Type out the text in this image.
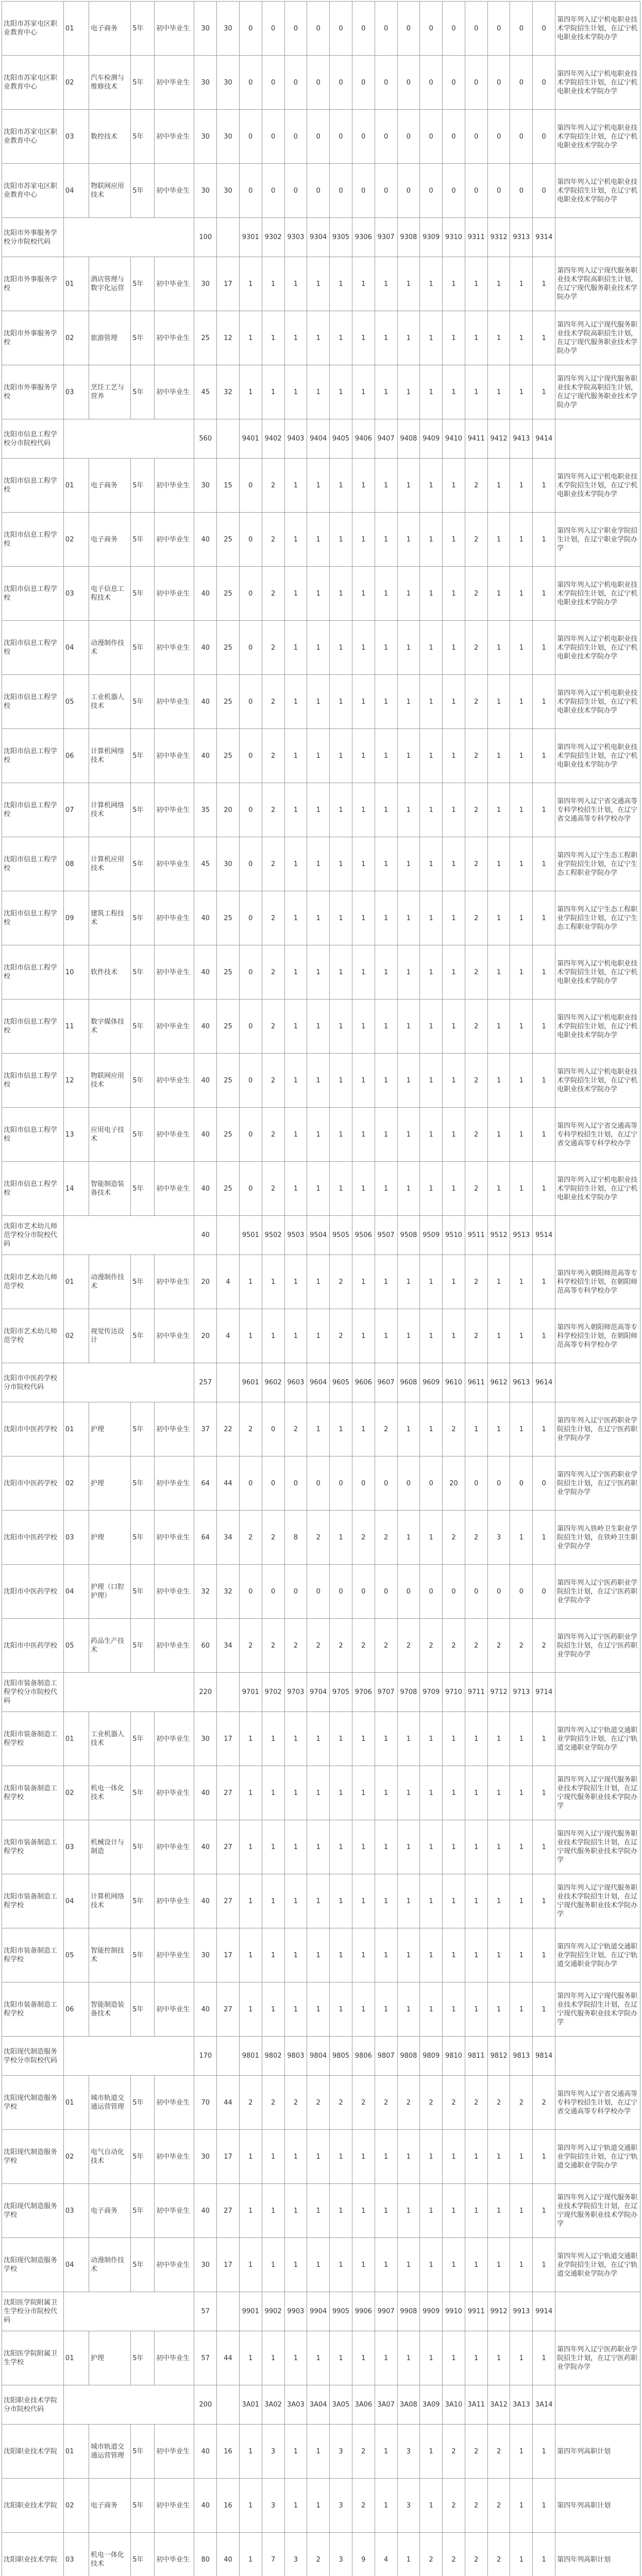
沈阳市苏家屯区职业教育中心	01	电子商务	5年	初中毕业生	30	30	0	0	0	0	0	0	0	0	0	0	0	0	0	0	第四年列入辽宁机电职业技术学院招生计划，在辽宁机电职业技术学院办学
沈阳市苏家屯区职业教育中心	02	汽车检测与维修技术	5年	初中毕业生	30	30	0	0	0	0	0	0	0	0	0	0	0	0	0	0	第四年列入辽宁机电职业技术学院招生计划，在辽宁机电职业技术学院办学
沈阳市苏家屯区职业教育中心	03	数控技术	5年	初中毕业生	30	30	0	0	0	0	0	0	0	0	0	0	0	0	0	0	第四年列入辽宁机电职业技术学院招生计划，在辽宁机电职业技术学院办学
沈阳市苏家屯区职业教育中心	04	物联网应用技术	5年	初中毕业生	30	30	0	0	0	0	0	0	0	0	0	0	0	0	0	0	第四年列入辽宁机电职业技术学院招生计划，在辽宁机电职业技术学院办学
沈阳市外事服务学校分市院校代码					100		9301	9302	9303	9304	9305	9306	9307	9308	9309	9310	9311	9312	9313	9314	
沈阳市外事服务学校	01	酒店管理与数字化运营	5年	初中毕业生	30	17	1	1	1	1	1	1	1	1	1	1	1	1	1	1	第四年列入辽宁现代服务职业技术学院高职招生计划，在辽宁现代服务职业技术学院办学
沈阳市外事服务学校	02	旅游管理	5年	初中毕业生	25	12	1	1	1	1	1	1	1	1	1	1	1	1	1	1	第四年列入辽宁现代服务职业技术学院高职招生计划，在辽宁现代服务职业技术学院办学
沈阳市外事服务学校	03	烹饪工艺与营养	5年	初中毕业生	45	32	1	1	1	1	1	1	1	1	1	1	1	1	1	1	第四年列入辽宁现代服务职业技术学院高职招生计划，在辽宁现代服务职业技术学院办学
沈阳市信息工程学校分市院校代码					560		9401	9402	9403	9404	9405	9406	9407	9408	9409	9410	9411	9412	9413	9414	
沈阳市信息工程学校	01	电子商务	5年	初中毕业生	30	15	0	2	1	1	1	1	1	1	1	1	2	1	1	1	第四年列入辽宁机电职业技术学院招生计划，在辽宁机电职业技术学院办学
沈阳市信息工程学校	02	电子商务	5年	初中毕业生	40	25	0	2	1	1	1	1	1	1	1	1	2	1	1	1	第四年列入辽宁职业学院招生计划，在辽宁职业学院办学
沈阳市信息工程学校	03	电子信息工程技术	5年	初中毕业生	40	25	0	2	1	1	1	1	1	1	1	1	2	1	1	1	第四年列入辽宁机电职业技术学院招生计划，在辽宁机电职业技术学院办学
沈阳市信息工程学校	04	动漫制作技术	5年	初中毕业生	40	25	0	2	1	1	1	1	1	1	1	1	2	1	1	1	第四年列入辽宁机电职业技术学院招生计划，在辽宁机电职业技术学院办学
沈阳市信息工程学校	05	工业机器人技术	5年	初中毕业生	40	25	0	2	1	1	1	1	1	1	1	1	2	1	1	1	第四年列入辽宁机电职业技术学院招生计划，在辽宁机电职业技术学院办学
沈阳市信息工程学校	06	计算机网络技术	5年	初中毕业生	40	25	0	2	1	1	1	1	1	1	1	1	2	1	1	1	第四年列入辽宁机电职业技术学院招生计划，在辽宁机电职业技术学院办学
沈阳市信息工程学校	07	计算机网络技术	5年	初中毕业生	35	20	0	2	1	1	1	1	1	1	1	1	2	1	1	1	第四年列入辽宁省交通高等专科学校招生计划，在辽宁省交通高等专科学校办学
沈阳市信息工程学校	08	计算机应用技术	5年	初中毕业生	45	30	0	2	1	1	1	1	1	1	1	1	2	1	1	1	第四年列入辽宁生态工程职业学院招生计划，在辽宁生态工程职业学院办学
沈阳市信息工程学校	09	建筑工程技术	5年	初中毕业生	40	25	0	2	1	1	1	1	1	1	1	1	2	1	1	1	第四年列入辽宁生态工程职业学院招生计划，在辽宁生态工程职业学院办学
沈阳市信息工程学校	10	软件技术	5年	初中毕业生	40	25	0	2	1	1	1	1	1	1	1	1	2	1	1	1	第四年列入辽宁机电职业技术学院招生计划，在辽宁机电职业技术学院办学
沈阳市信息工程学校	11	数字媒体技术	5年	初中毕业生	40	25	0	2	1	1	1	1	1	1	1	1	2	1	1	1	第四年列入辽宁机电职业技术学院招生计划，在辽宁机电职业技术学院办学
沈阳市信息工程学校	12	物联网应用技术	5年	初中毕业生	40	25	0	2	1	1	1	1	1	1	1	1	2	1	1	1	第四年列入辽宁机电职业技术学院招生计划，在辽宁机电职业技术学院办学
沈阳市信息工程学校	13	应用电子技术	5年	初中毕业生	40	25	0	2	1	1	1	1	1	1	1	1	2	1	1	1	第四年列入辽宁省交通高等专科学校招生计划，在辽宁省交通高等专科学校办学
沈阳市信息工程学校	14	智能制造装备技术	5年	初中毕业生	40	25	0	2	1	1	1	1	1	1	1	1	2	1	1	1	第四年列入辽宁机电职业技术学院招生计划，在辽宁机电职业技术学院办学
沈阳市艺术幼儿师范学校分市院校代码					40		9501	9502	9503	9504	9505	9506	9507	9508	9509	9510	9511	9512	9513	9514	
沈阳市艺术幼儿师范学校	01	动漫制作技术	5年	初中毕业生	20	4	1	1	1	1	2	1	1	1	1	1	2	1	1	1	第四年列入朝阳师范高等专科学校招生计划，在朝阳师范高等专科学校办学
沈阳市艺术幼儿师范学校	02	视觉传达设计	5年	初中毕业生	20	4	1	1	1	1	2	1	1	1	1	1	2	1	1	1	第四年列入朝阳师范高等专科学校招生计划，在朝阳师范高等专科学校办学
沈阳市中医药学校分市院校代码					257		9601	9602	9603	9604	9605	9606	9607	9608	9609	9610	9611	9612	9613	9614	
沈阳市中医药学校	01	护理	5年	初中毕业生	37	22	2	0	2	1	1	1	2	1	1	2	1	1	1	1	第四年列入辽宁医药职业学院招生计划，在辽宁医药职业学院办学
沈阳市中医药学校	02	护理	5年	初中毕业生	64	44	0	0	0	0	0	0	0	0	0	20	0	0	0	0	第四年列入辽宁医药职业学院招生计划，在辽宁医药职业学院办学
沈阳市中医药学校	03	护理	5年	初中毕业生	64	34	2	2	8	2	1	2	2	1	1	2	2	3	1	1	第四年列入铁岭卫生职业学院招生计划，在铁岭卫生职业学院办学
沈阳市中医药学校	04	护理（口腔护理）	5年	初中毕业生	32	32	0	0	0	0	0	0	0	0	0	0	0	0	0	0	第四年列入辽宁医药职业学院招生计划，在辽宁医药职业学院办学
沈阳市中医药学校	05	药品生产技术	5年	初中毕业生	60	34	2	2	2	2	2	2	2	2	2	2	2	2	2	2	第四年列入辽宁医药职业学院招生计划，在辽宁医药职业学院办学
沈阳市装备制造工程学校分市院校代码					220		9701	9702	9703	9704	9705	9706	9707	9708	9709	9710	9711	9712	9713	9714	
沈阳市装备制造工程学校	01	工业机器人技术	5年	初中毕业生	30	17	1	1	1	1	1	1	1	1	1	1	1	1	1	1	第四年列入辽宁轨道交通职业学院招生计划，在辽宁轨道交通职业学院办学
沈阳市装备制造工程学校	02	机电一体化技术	5年	初中毕业生	40	27	1	1	1	1	1	1	1	1	1	1	1	1	1	1	第四年列入辽宁现代服务职业技术学院招生计划，在辽宁现代服务职业技术学院办学
沈阳市装备制造工程学校	03	机械设计与制造	5年	初中毕业生	40	27	1	1	1	1	1	1	1	1	1	1	1	1	1	1	第四年列入辽宁现代服务职业技术学院招生计划，在辽宁现代服务职业技术学院办学
沈阳市装备制造工程学校	04	计算机网络技术	5年	初中毕业生	40	27	1	1	1	1	1	1	1	1	1	1	1	1	1	1	第四年列入辽宁现代服务职业技术学院招生计划，在辽宁现代服务职业技术学院办学
沈阳市装备制造工程学校	05	智能控制技术	5年	初中毕业生	30	17	1	1	1	1	1	1	1	1	1	1	1	1	1	1	第四年列入辽宁轨道交通职业学院招生计划，在辽宁轨道交通职业学院办学
沈阳市装备制造工程学校	06	智能制造装备技术	5年	初中毕业生	40	27	1	1	1	1	1	1	1	1	1	1	1	1	1	1	第四年列入辽宁现代服务职业技术学院招生计划，在辽宁现代服务职业技术学院办学
沈阳现代制造服务学校分市院校代码					170		9801	9802	9803	9804	9805	9806	9807	9808	9809	9810	9811	9812	9813	9814	
沈阳现代制造服务学校	01	城市轨道交通运营管理	5年	初中毕业生	70	44	2	2	2	2	2	2	2	2	2	2	2	2	2	2	第四年列入辽宁省交通高等专科学校招生计划，在辽宁省交通高等专科学校办学
沈阳现代制造服务学校	02	电气自动化技术	5年	初中毕业生	30	17	1	1	1	1	1	1	1	1	1	1	1	1	1	1	第四年列入辽宁轨道交通职业学院招生计划，在辽宁轨道交通职业学院办学
沈阳现代制造服务学校	03	电子商务	5年	初中毕业生	40	27	1	1	1	1	1	1	1	1	1	1	1	1	1	1	第四年列入辽宁现代服务职业技术学院招生计划，在辽宁现代服务职业技术学院办学
沈阳现代制造服务学校	04	动漫制作技术	5年	初中毕业生	30	17	1	1	1	1	1	1	1	1	1	1	1	1	1	1	第四年列入辽宁轨道交通职业学院招生计划，在辽宁轨道交通职业学院办学
沈阳医学院附属卫生学校分市院校代码					57		9901	9902	9903	9904	9905	9906	9907	9908	9909	9910	9911	9912	9913	9914	
沈阳医学院附属卫生学校	01	护理	5年	初中毕业生	57	44	1	1	1	1	1	1	1	1	1	1	1	1	1	1	第四年列入辽宁医药职业学院招生计划，在辽宁医药职业学院办学
沈阳职业技术学院分市院校代码					200		3A01	3A02	3A03	3A04	3A05	3A06	3A07	3A08	3A09	3A10	3A11	3A12	3A13	3A14	
沈阳职业技术学院	01	城市轨道交通运营管理	5年	初中毕业生	40	16	1	3	1	1	3	2	1	3	1	2	2	2	1	1	第四年列高职计划
沈阳职业技术学院	02	电子商务	5年	初中毕业生	40	16	1	3	1	1	3	2	1	3	1	2	2	2	1	1	第四年列高职计划
沈阳职业技术学院	03	机电一体化技术	5年	初中毕业生	80	40	1	7	3	2	3	9	4	1	2	2	2	2	1	1	第四年列高职计划
